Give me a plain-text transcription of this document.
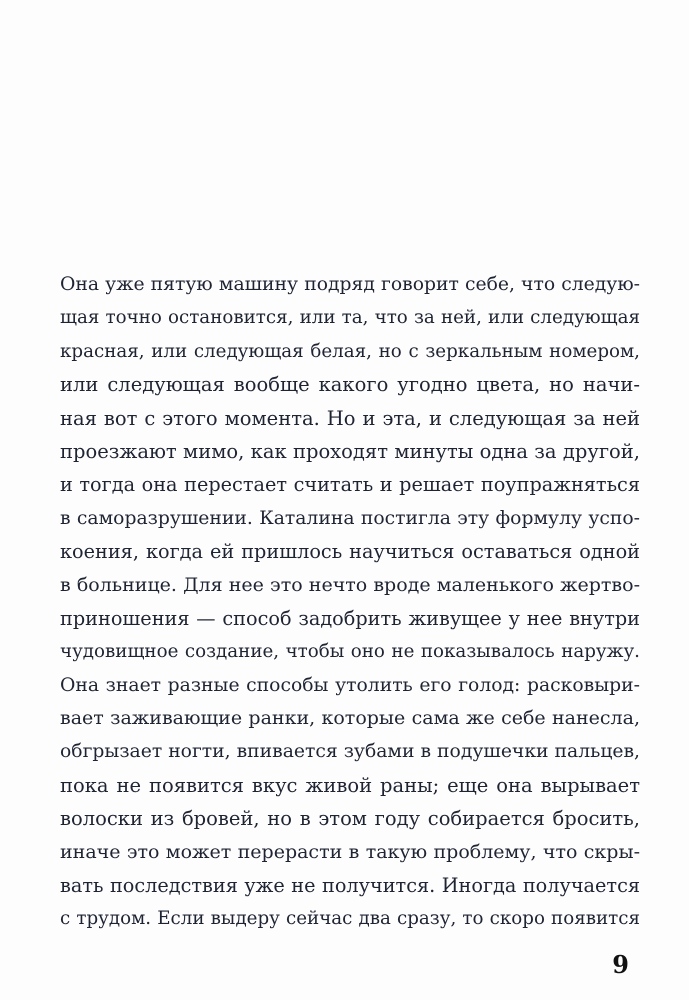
Она уже пятую машину подряд говорит себе, что следую-
щая точно остановится, или та, что за ней, или следующая
красная, или следующая белая, но с зеркальным номером,
или следующая вообще какого угодно цвета, но начи-
ная вот с этого момента. Но и эта, и следующая за ней
проезжают мимо, как проходят минуты одна за другой,
и тогда она перестает считать и решает поупражняться
в саморазрушении. Каталина постигла эту формулу успо-
коения, когда ей пришлось научиться оставаться одной
в больнице. Для нее это нечто вроде маленького жертво-
приношения — способ задобрить живущее у нее внутри
чудовищное создание, чтобы оно не показывалось наружу.
Она знает разные способы утолить его голод: расковыри-
вает заживающие ранки, которые сама же себе нанесла,
обгрызает ногти, впивается зубами в подушечки пальцев,
пока не появится вкус живой раны; еще она вырывает
волоски из бровей, но в этом году собирается бросить,
иначе это может перерасти в такую проблему, что скры-
вать последствия уже не получится. Иногда получается
с трудом. Если выдеру сейчас два сразу, то скоро появится
9
